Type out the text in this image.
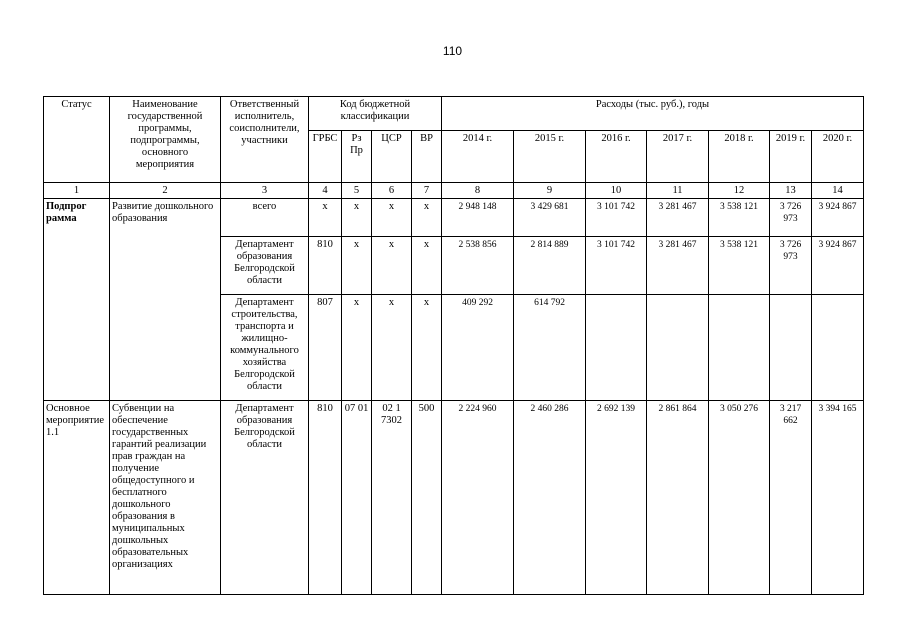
110
Статус	Наименование государственной программы, подпрограммы, основного мероприятия	Ответственный исполнитель, соисполнители, участники	Код бюджетной классификации				Расходы (тыс. руб.), годы						
			ГРБС	Рз Пр	ЦСР	ВР	2014 г.	2015 г.	2016 г.	2017 г.	2018 г.	2019 г.	2020 г.
1	2	3	4	5	6	7	8	9	10	11	12	13	14
Подпрог рамма	Развитие дошкольного образования	всего	х	х	х	х	2 948 148	3 429 681	3 101 742	3 281 467	3 538 121	3 726 973	3 924 867
		Департамент образования Белгородской области	810	х	х	х	2 538 856	2 814 889	3 101 742	3 281 467	3 538 121	3 726 973	3 924 867
		Департамент строительства, транспорта и жилищно-коммунального хозяйства Белгородской области	807	х	х	х	409 292	614 792					
Основное мероприятие 1.1	Субвенции на обеспечение государственных гарантий реализации прав граждан на получение общедоступного и бесплатного дошкольного образования в муниципальных дошкольных образовательных организациях	Департамент образования Белгородской области	810	07 01	02 1 7302	500	2 224 960	2 460 286	2 692 139	2 861 864	3 050 276	3 217 662	3 394 165
